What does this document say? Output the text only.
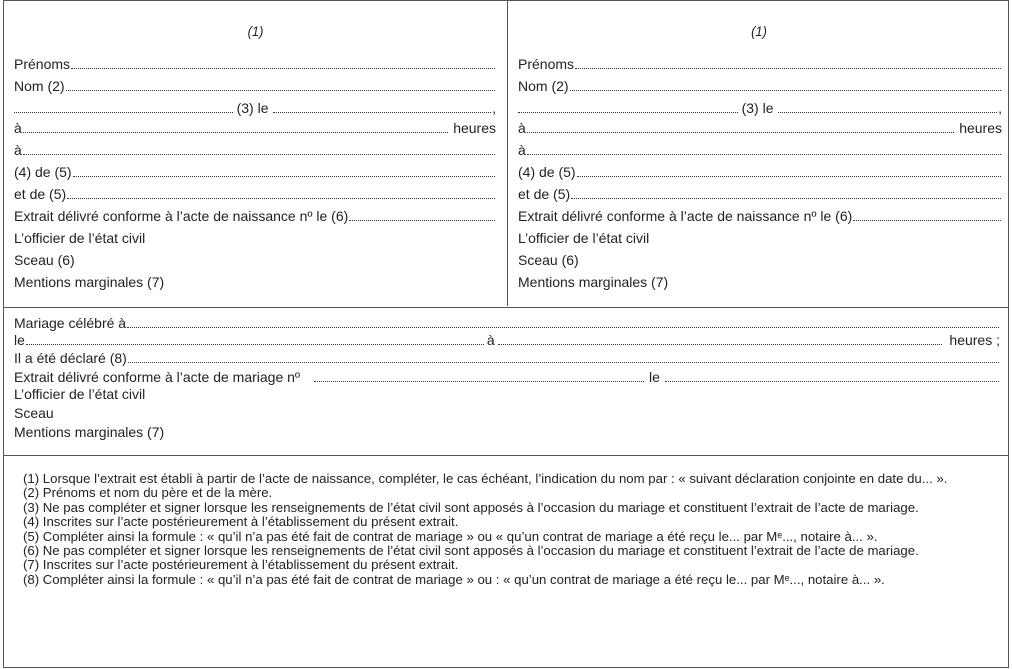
(1)
Prénoms
Nom (2)
(3) le	,
à	heures
à
(4) de (5)
et de (5)
Extrait délivré conforme à l’acte de naissance nº le (6)
L’officier de l’état civil
Sceau (6)
Mentions marginales (7)
(1)
Prénoms
Nom (2)
(3) le	,
à	heures
à
(4) de (5)
et de (5)
Extrait délivré conforme à l’acte de naissance nº le (6)
L’officier de l’état civil
Sceau (6)
Mentions marginales (7)
Mariage célébré à
le	à	heures ;
Il a été déclaré (8)
Extrait délivré conforme à l’acte de mariage nº	le
L’officier de l’état civil
Sceau
Mentions marginales (7)

(1) Lorsque l’extrait est établi à partir de l’acte de naissance, compléter, le cas échéant, l’indication du nom par : « suivant déclaration conjointe en date du... ».

(2) Prénoms et nom du père et de la mère.

(3) Ne pas compléter et signer lorsque les renseignements de l’état civil sont apposés à l’occasion du mariage et constituent l’extrait de l’acte de mariage.

(4) Inscrites sur l’acte postérieurement à l’établissement du présent extrait.

(5) Compléter ainsi la formule : « qu’il n’a pas été fait de contrat de mariage » ou « qu’un contrat de mariage a été reçu le... par Mᵉ..., notaire à... ».

(6) Ne pas compléter et signer lorsque les renseignements de l’état civil sont apposés à l’occasion du mariage et constituent l’extrait de l’acte de mariage.

(7) Inscrites sur l’acte postérieurement à l’établissement du présent extrait.

(8) Compléter ainsi la formule : « qu’il n’a pas été fait de contrat de mariage » ou : « qu’un contrat de mariage a été reçu le... par Mᵉ..., notaire à... ».
